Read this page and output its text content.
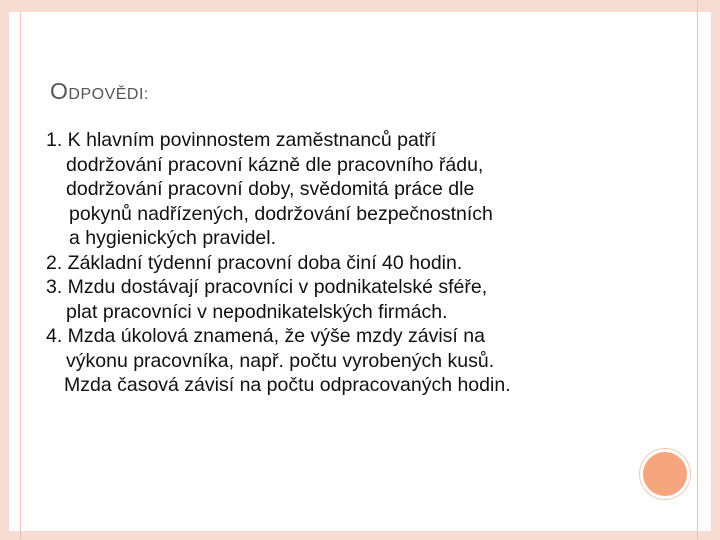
ODPOVĚDI:
1. K hlavním povinnostem zaměstnanců patří
dodržování pracovní kázně dle pracovního řádu,
dodržování pracovní doby, svědomitá práce dle
pokynů nadřízených, dodržování bezpečnostních
a hygienických pravidel.
2. Základní týdenní pracovní doba činí 40 hodin.
3. Mzdu dostávají pracovníci v podnikatelské sféře,
plat pracovníci v nepodnikatelských firmách.
4. Mzda úkolová znamená, že výše mzdy závisí na
výkonu pracovníka, např. počtu vyrobených kusů.
Mzda časová závisí na počtu odpracovaných hodin.
